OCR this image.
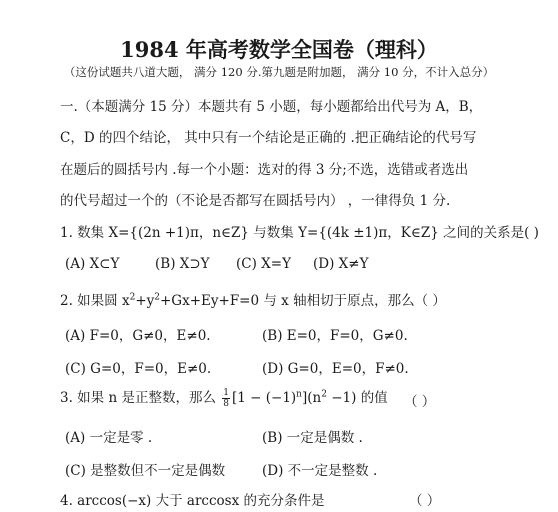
1984 年高考数学全国卷（理科）
（这份试题共八道大题， 满分 120 分.第九题是附加题， 满分 10 分，不计入总分）
一.（本题满分 15 分）本题共有 5 小题，每小题都给出代号为 A，B，
C，D 的四个结论， 其中只有一个结论是正确的 .把正确结论的代号写
在题后的圆括号内 .每一个小题：选对的得 3 分;不选，选错或者选出
的代号超过一个的（不论是否都写在圆括号内） ，一律得负 1 分.
1. 数集 X={(2n +1)π，n∈Z} 与数集 Y={(4k ±1)π，K∈Z} 之间的关系是( )
(A) X⊂Y	(B) X⊃Y (C) X=Y (D) X≠Y
2. 如果圆 $x^2+y^2+Gx+Ey+F=0$ 与 x 轴相切于原点，那么（ ）
(A) F=0，G≠0，E≠0.	(B) E=0，F=0，G≠0.
(C) G=0，F=0，E≠0.	(D) G=0，E=0，F≠0.
3. 如果 n 是正整数，那么 $\frac{1}{8} [1 - (-1)^n](n^2 -1)$ 的值 （ ）
(A) 一定是零 .	(B) 一定是偶数 .
(C) 是整数但不一定是偶数	(D) 不一定是整数 .
4. arccos(−x) 大于 arccosx 的充分条件是	（ ）
